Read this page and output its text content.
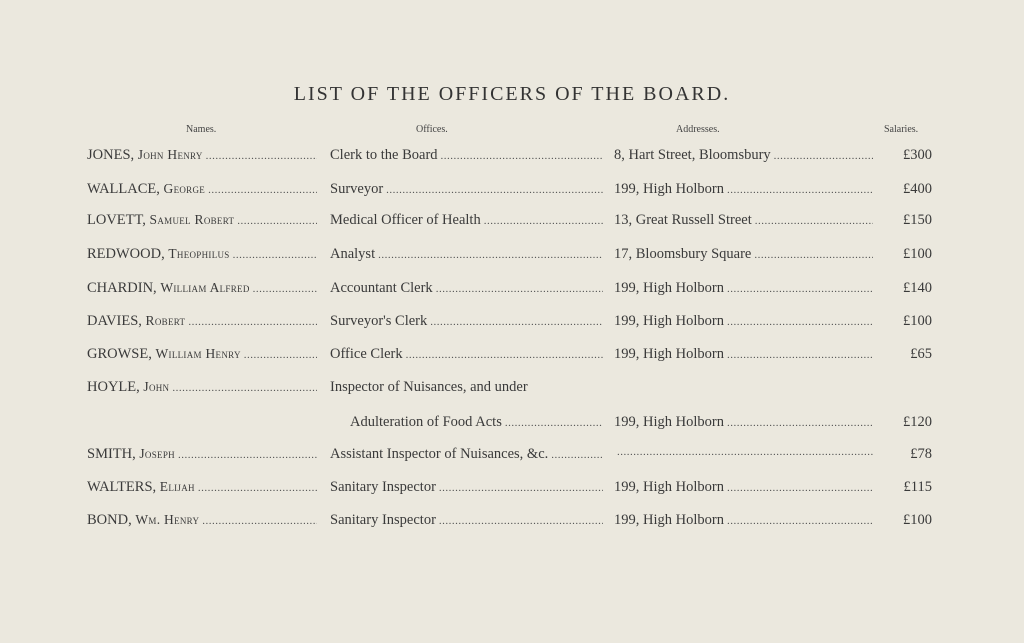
LIST OF THE OFFICERS OF THE BOARD.
Names.	Offices.	Addresses.	Salaries.
JONES, John Henry .....	Clerk to the Board .....	8, Hart Street, Bloomsbury .....	£300
WALLACE, George .....	Surveyor .....	199, High Holborn .....	£400
LOVETT, Samuel Robert .....	Medical Officer of Health .....	13, Great Russell Street .....	£150
REDWOOD, Theophilus .....	Analyst .....	17, Bloomsbury Square .....	£100
CHARDIN, William Alfred .....	Accountant Clerk .....	199, High Holborn .....	£140
DAVIES, Robert .....	Surveyor's Clerk .....	199, High Holborn .....	£100
GROWSE, William Henry .....	Office Clerk .....	199, High Holborn .....	£65
HOYLE, John .....	Inspector of Nuisances, and under
Adulteration of Food Acts .....	199, High Holborn .....	£120
SMITH, Joseph .....	Assistant Inspector of Nuisances, &c. ..... .....	£78
WALTERS, Elijah .....	Sanitary Inspector .....	199, High Holborn .....	£115
BOND, Wm. Henry .....	Sanitary Inspector .....	199, High Holborn .....	£100
